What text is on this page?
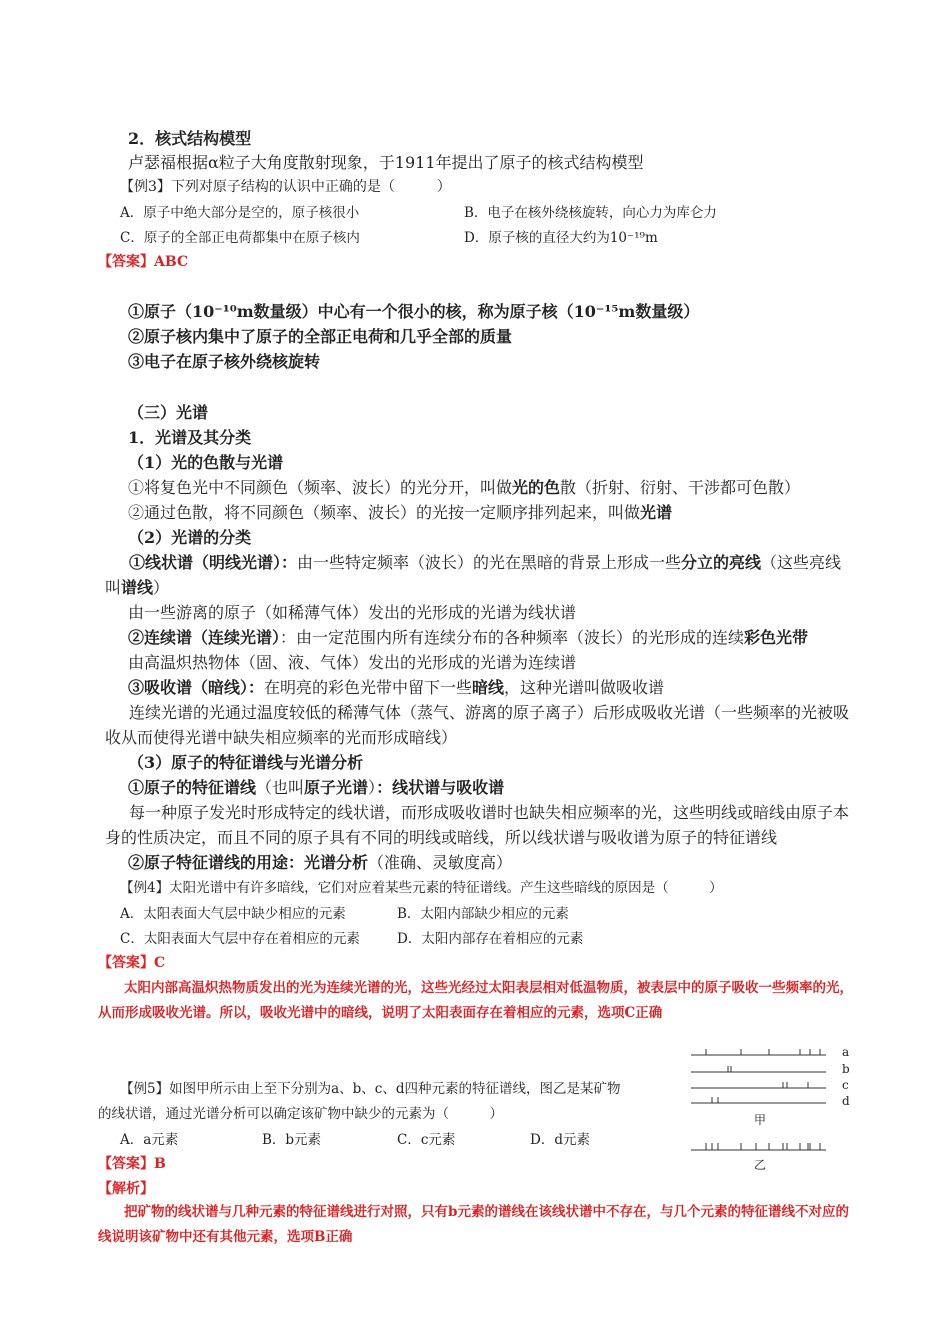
2．核式结构模型
卢瑟福根据α粒子大角度散射现象，于1911年提出了原子的核式结构模型
【例3】下列对原子结构的认识中正确的是（　　　）
A．原子中绝大部分是空的，原子核很小	B．电子在核外绕核旋转，向心力为库仑力
C．原子的全部正电荷都集中在原子核内	D．原子核的直径大约为10⁻¹⁹m
【答案】ABC
①原子（10⁻¹⁰m数量级）中心有一个很小的核，称为原子核（10⁻¹⁵m数量级）
②原子核内集中了原子的全部正电荷和几乎全部的质量
③电子在原子核外绕核旋转
（三）光谱
1．光谱及其分类
（1）光的色散与光谱
①将复色光中不同颜色（频率、波长）的光分开，叫做光的色散（折射、衍射、干涉都可色散）
②通过色散，将不同颜色（频率、波长）的光按一定顺序排列起来，叫做光谱
（2）光谱的分类
①线状谱（明线光谱）：由一些特定频率（波长）的光在黑暗的背景上形成一些分立的亮线（这些亮线叫谱线）
由一些游离的原子（如稀薄气体）发出的光形成的光谱为线状谱
②连续谱（连续光谱）：由一定范围内所有连续分布的各种频率（波长）的光形成的连续彩色光带
由高温炽热物体（固、液、气体）发出的光形成的光谱为连续谱
③吸收谱（暗线）：在明亮的彩色光带中留下一些暗线，这种光谱叫做吸收谱
连续光谱的光通过温度较低的稀薄气体（蒸气、游离的原子离子）后形成吸收光谱（一些频率的光被吸收从而使得光谱中缺失相应频率的光而形成暗线）
（3）原子的特征谱线与光谱分析
①原子的特征谱线（也叫原子光谱）：线状谱与吸收谱
每一种原子发光时形成特定的线状谱，而形成吸收谱时也缺失相应频率的光，这些明线或暗线由原子本身的性质决定，而且不同的原子具有不同的明线或暗线，所以线状谱与吸收谱为原子的特征谱线
②原子特征谱线的用途：光谱分析（准确、灵敏度高）
【例4】太阳光谱中有许多暗线，它们对应着某些元素的特征谱线。产生这些暗线的原因是（　　　）
A．太阳表面大气层中缺少相应的元素	B．太阳内部缺少相应的元素
C．太阳表面大气层中存在着相应的元素	D．太阳内部存在着相应的元素
【答案】C
太阳内部高温炽热物质发出的光为连续光谱的光，这些光经过太阳表层相对低温物质，被表层中的原子吸收一些频率的光，从而形成吸收光谱。所以，吸收光谱中的暗线，说明了太阳表面存在着相应的元素，选项C正确
【例5】如图甲所示由上至下分别为a、b、c、d四种元素的特征谱线，图乙是某矿物
的线状谱，通过光谱分析可以确定该矿物中缺少的元素为（　　　）
A．a元素	B．b元素	C．c元素	D．d元素
【答案】B
【解析】
把矿物的线状谱与几种元素的特征谱线进行对照，只有b元素的谱线在该线状谱中不存在，与几个元素的特征谱线不对应的线说明该矿物中还有其他元素，选项B正确
a
b
c
d
甲
乙
